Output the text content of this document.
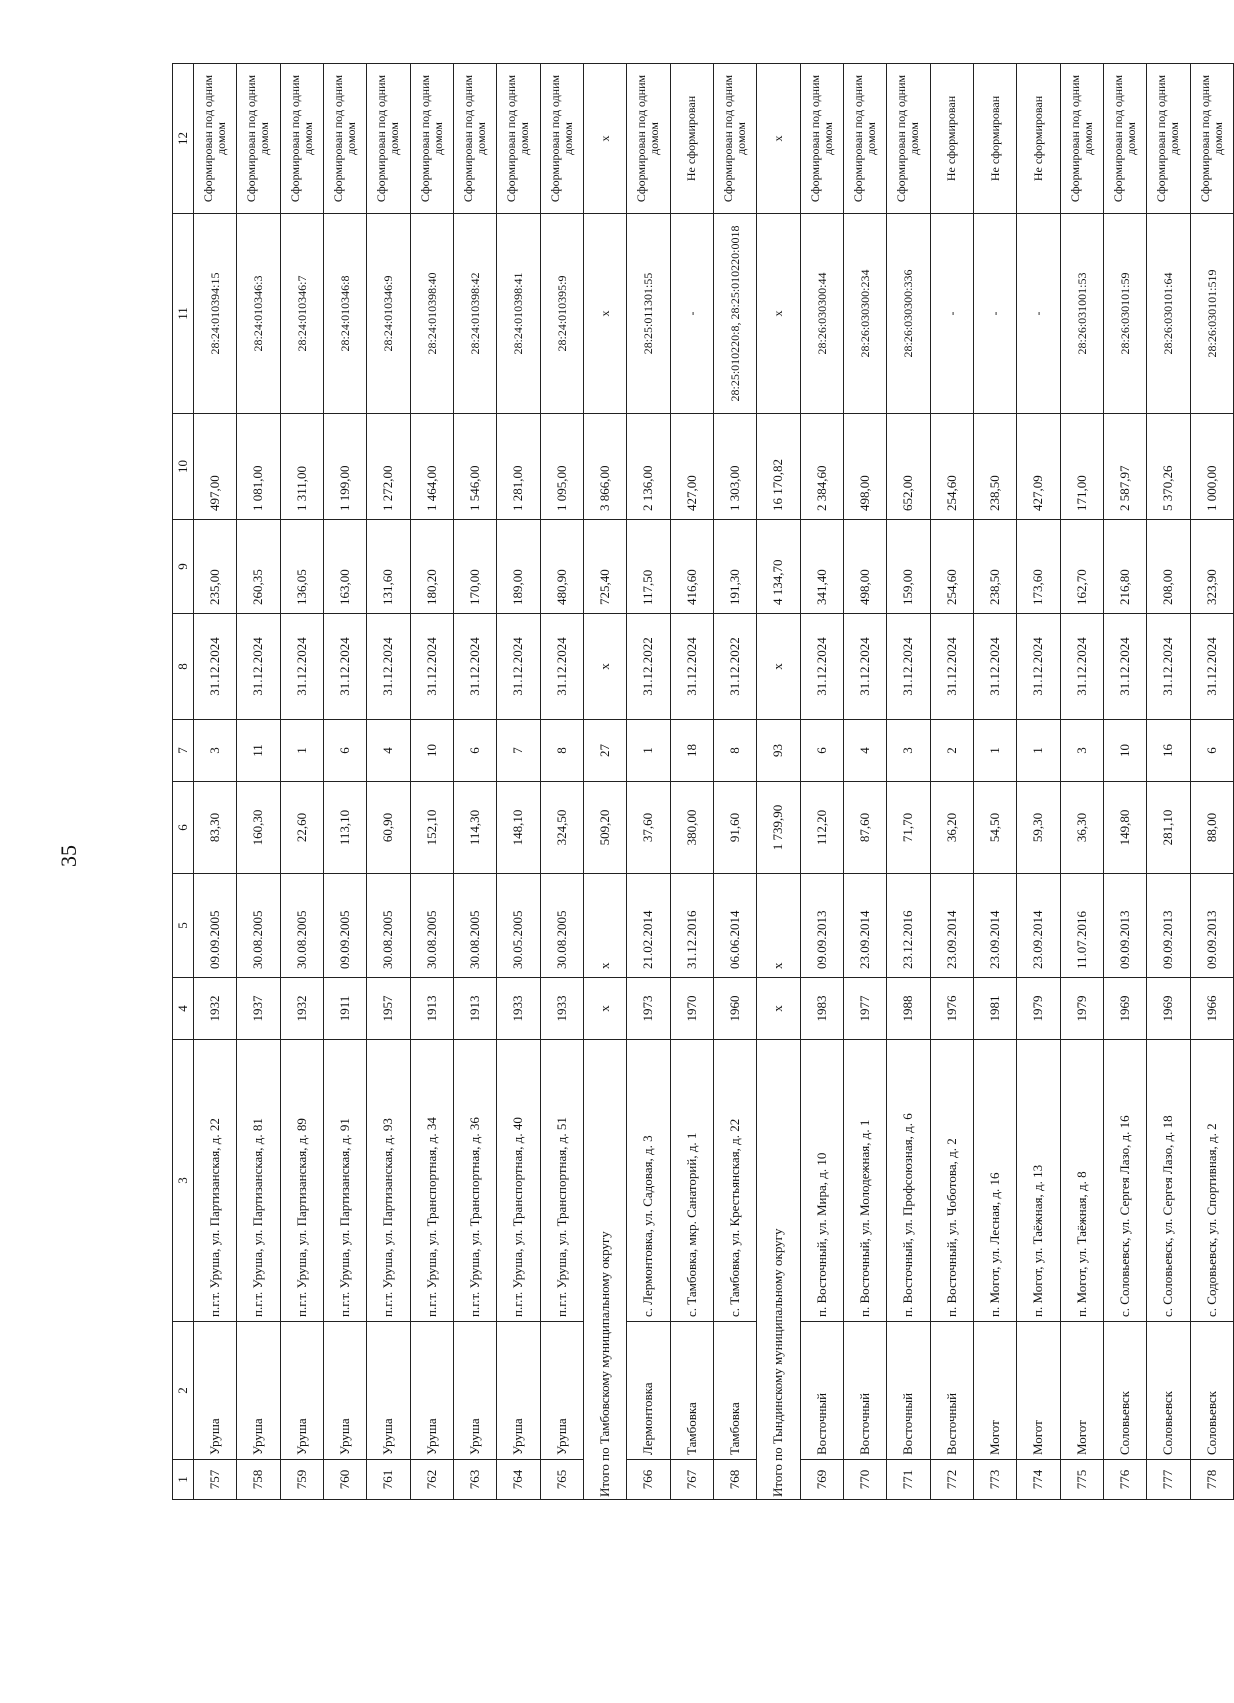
35
1	2	3	4	5	6	7	8	9	10	11	12
757	Уруша	п.г.т. Уруша, ул. Партизанская, д. 22	1932	09.09.2005	83,30	3	31.12.2024	235,00	497,00	28:24:010394:15	Сформирован под одним домом
758	Уруша	п.г.т. Уруша, ул. Партизанская, д. 81	1937	30.08.2005	160,30	11	31.12.2024	260,35	1 081,00	28:24:010346:3	Сформирован под одним домом
759	Уруша	п.г.т. Уруша, ул. Партизанская, д. 89	1932	30.08.2005	22,60	1	31.12.2024	136,05	1 311,00	28:24:010346:7	Сформирован под одним домом
760	Уруша	п.г.т. Уруша, ул. Партизанская, д. 91	1911	09.09.2005	113,10	6	31.12.2024	163,00	1 199,00	28:24:010346:8	Сформирован под одним домом
761	Уруша	п.г.т. Уруша, ул. Партизанская, д. 93	1957	30.08.2005	60,90	4	31.12.2024	131,60	1 272,00	28:24:010346:9	Сформирован под одним домом
762	Уруша	п.г.т. Уруша, ул. Транспортная, д. 34	1913	30.08.2005	152,10	10	31.12.2024	180,20	1 464,00	28:24:010398:40	Сформирован под одним домом
763	Уруша	п.г.т. Уруша, ул. Транспортная, д. 36	1913	30.08.2005	114,30	6	31.12.2024	170,00	1 546,00	28:24:010398:42	Сформирован под одним домом
764	Уруша	п.г.т. Уруша, ул. Транспортная, д. 40	1933	30.05.2005	148,10	7	31.12.2024	189,00	1 281,00	28:24:010398:41	Сформирован под одним домом
765	Уруша	п.г.т. Уруша, ул. Транспортная, д. 51	1933	30.08.2005	324,50	8	31.12.2024	480,90	1 095,00	28:24:010395:9	Сформирован под одним домом
Итого по Тамбовскому муниципальному округу			х	х	509,20	27	х	725,40	3 866,00	х	х
766	Лермонтовка	с. Лермонтовка, ул. Садовая, д. 3	1973	21.02.2014	37,60	1	31.12.2022	117,50	2 136,00	28:25:011301:55	Сформирован под одним домом
767	Тамбовка	с. Тамбовка, мкр. Санаторий, д. 1	1970	31.12.2016	380,00	18	31.12.2024	416,60	427,00	-	Не сформирован
768	Тамбовка	с. Тамбовка, ул. Крестьянская, д. 22	1960	06.06.2014	91,60	8	31.12.2022	191,30	1 303,00	28:25:010220:8, 28:25:010220:0018	Сформирован под одним домом
Итого по Тындинскому муниципальному округу			х	х	1 739,90	93	х	4 134,70	16 170,82	х	х
769	Восточный	п. Восточный, ул. Мира, д. 10	1983	09.09.2013	112,20	6	31.12.2024	341,40	2 384,60	28:26:030300:44	Сформирован под одним домом
770	Восточный	п. Восточный, ул. Молодежная, д. 1	1977	23.09.2014	87,60	4	31.12.2024	498,00	498,00	28:26:030300:234	Сформирован под одним домом
771	Восточный	п. Восточный, ул. Профсоюзная, д. 6	1988	23.12.2016	71,70	3	31.12.2024	159,00	652,00	28:26:030300:336	Сформирован под одним домом
772	Восточный	п. Восточный, ул. Чоботова, д. 2	1976	23.09.2014	36,20	2	31.12.2024	254,60	254,60	-	Не сформирован
773	Могот	п. Могот, ул. Лесная, д. 16	1981	23.09.2014	54,50	1	31.12.2024	238,50	238,50	-	Не сформирован
774	Могот	п. Могот, ул. Таёжная, д. 13	1979	23.09.2014	59,30	1	31.12.2024	173,60	427,09	-	Не сформирован
775	Могот	п. Могот, ул. Таёжная, д. 8	1979	11.07.2016	36,30	3	31.12.2024	162,70	171,00	28:26:031001:53	Сформирован под одним домом
776	Соловьевск	с. Соловьевск, ул. Сергея Лазо, д. 16	1969	09.09.2013	149,80	10	31.12.2024	216,80	2 587,97	28:26:030101:59	Сформирован под одним домом
777	Соловьевск	с. Соловьевск, ул. Сергея Лазо, д. 18	1969	09.09.2013	281,10	16	31.12.2024	208,00	5 370,26	28:26:030101:64	Сформирован под одним домом
778	Соловьевск	с. Содовьевск, ул. Спортивная, д. 2	1966	09.09.2013	88,00	6	31.12.2024	323,90	1 000,00	28:26:030101:519	Сформирован под одним домом
